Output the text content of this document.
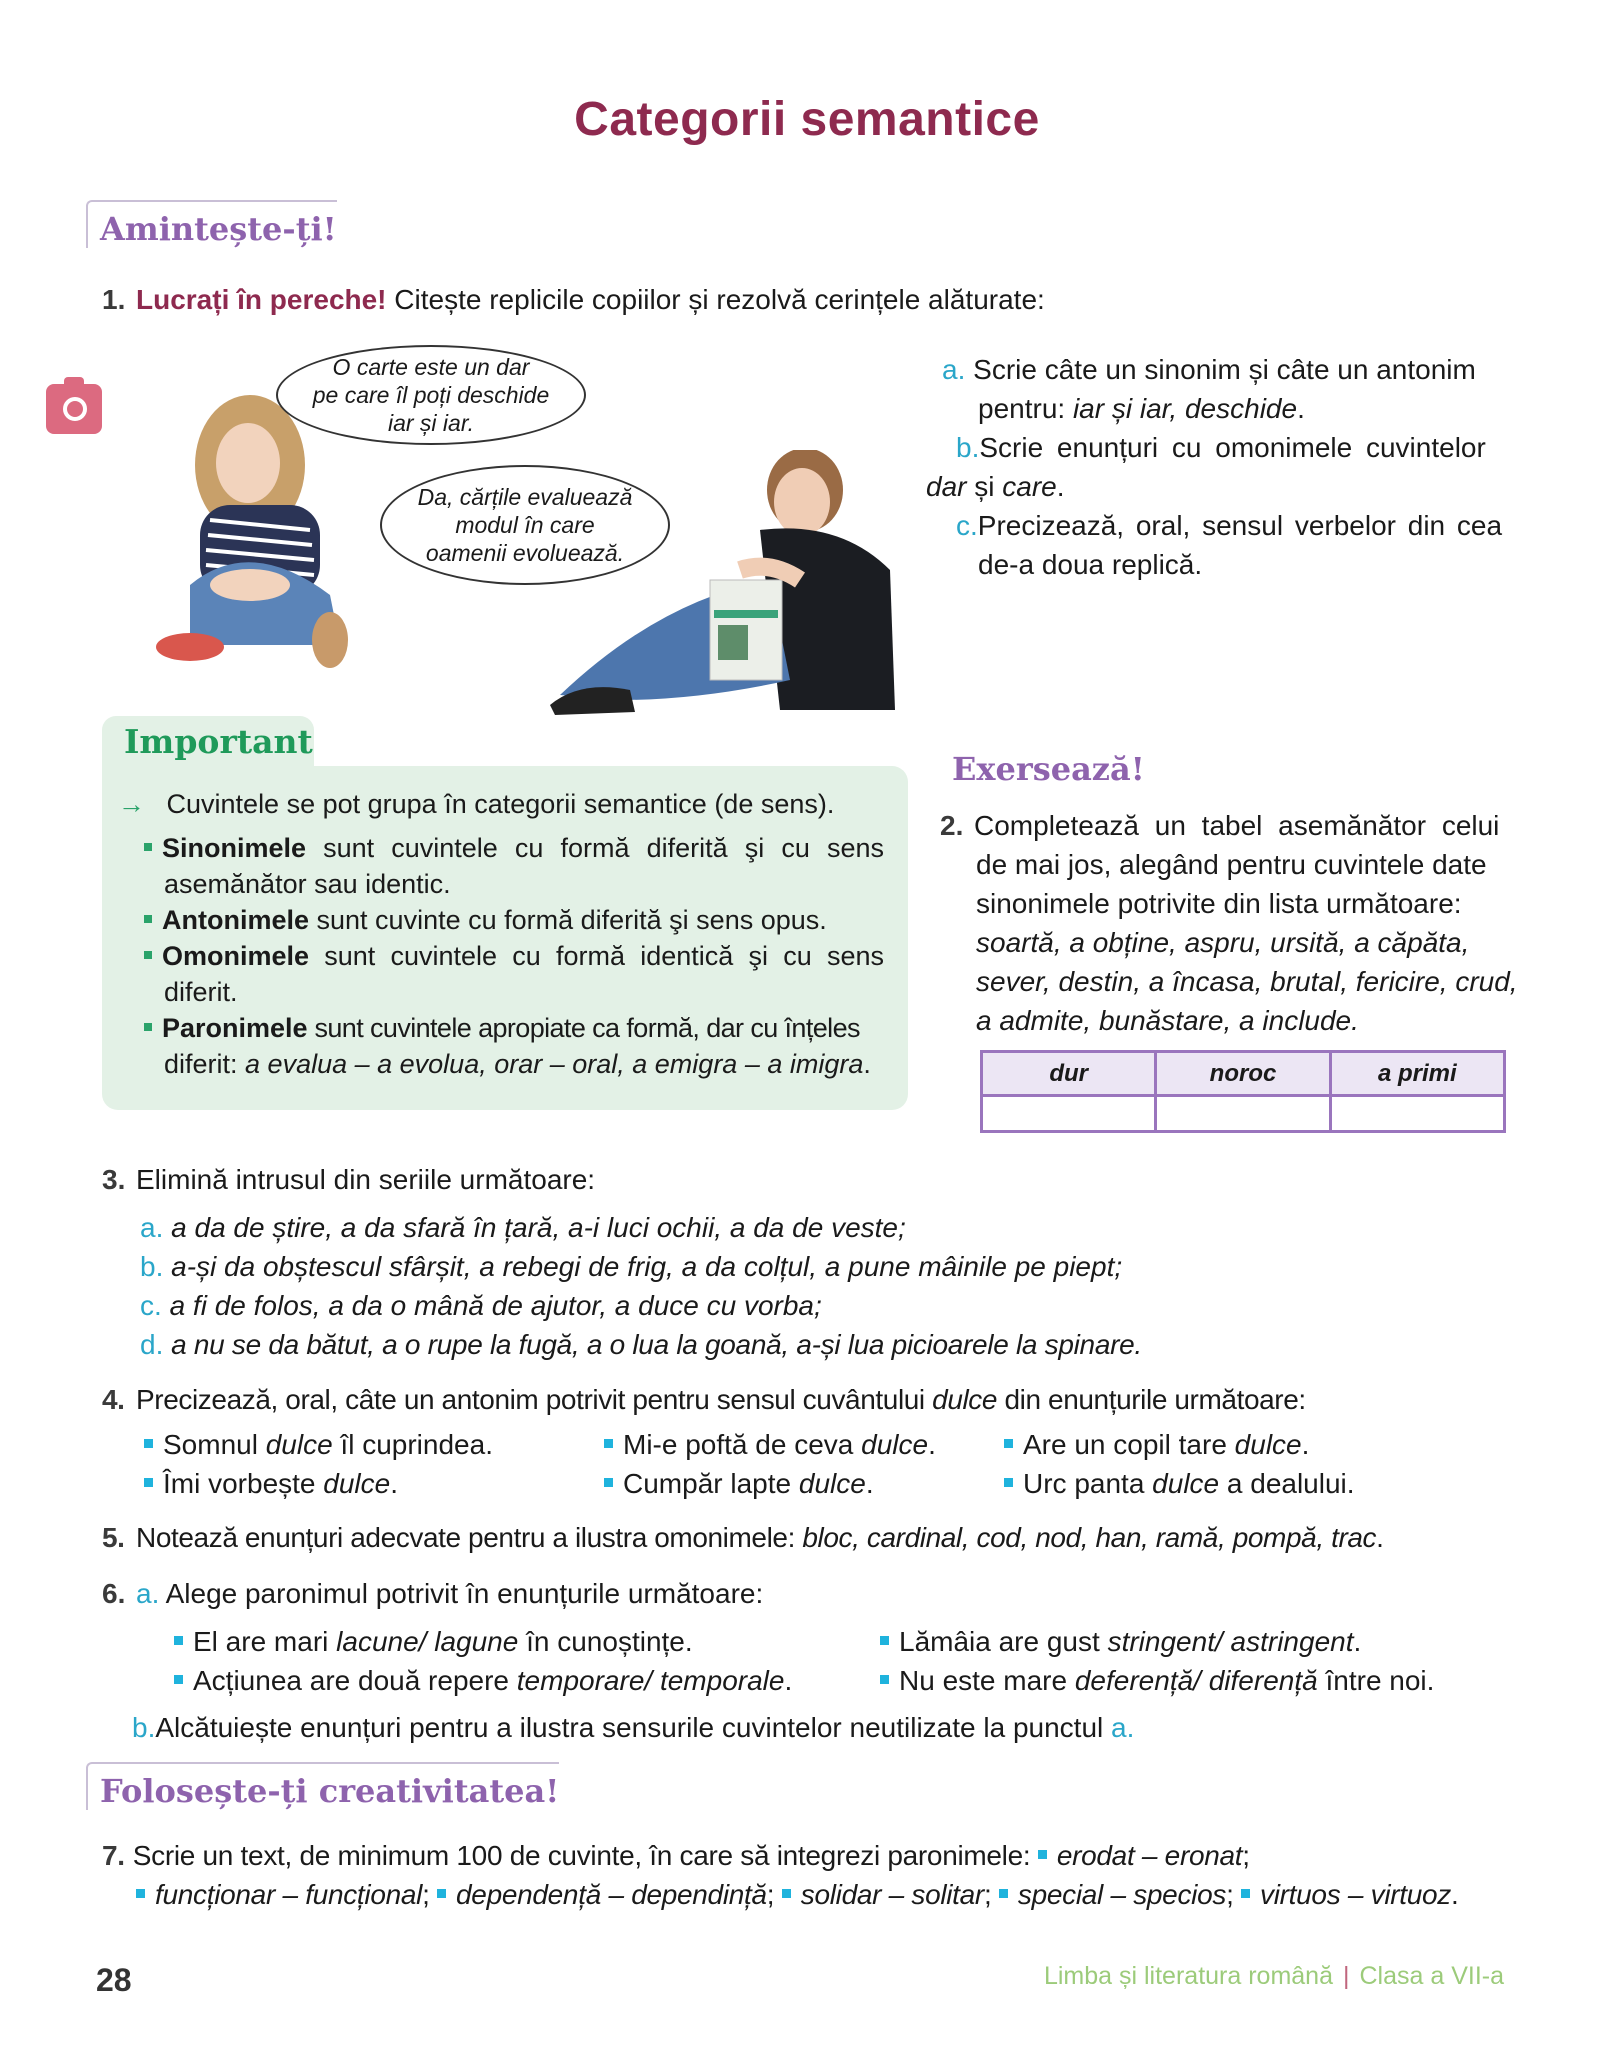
Categorii semantice
Amintește-ți!
1. Lucrați în pereche! Citește replicile copiilor și rezolvă cerințele alăturate:
O carte este un dar
pe care îl poți deschide
iar și iar.
Da, cărțile evaluează
modul în care
oamenii evoluează.
a. Scrie câte un sinonim și câte un antonim
pentru: iar și iar, deschide.
b.Scrie enunțuri cu omonimele cuvintelor
dar și care.
c.Precizează, oral, sensul verbelor din cea
de-a doua replică.
Important
→ Cuvintele se pot grupa în categorii semantice (de sens).
Sinonimele sunt cuvintele cu formă diferită şi cu sens
asemănător sau identic.
Antonimele sunt cuvinte cu formă diferită şi sens opus.
Omonimele sunt cuvintele cu formă identică şi cu sens
diferit.
Paronimele sunt cuvintele apropiate ca formă, dar cu înțeles
diferit: a evalua – a evolua, orar – oral, a emigra – a imigra.
Exersează!
2. Completează un tabel asemănător celui
de mai jos, alegând pentru cuvintele date
sinonimele potrivite din lista următoare:
soartă, a obține, aspru, ursită, a căpăta,
sever, destin, a încasa, brutal, fericire, crud,
a admite, bunăstare, a include.
dur	noroc	a primi

3. Elimină intrusul din seriile următoare:
a. a da de știre, a da sfară în țară, a-i luci ochii, a da de veste;
b. a-și da obștescul sfârșit, a rebegi de frig, a da colțul, a pune mâinile pe piept;
c. a fi de folos, a da o mână de ajutor, a duce cu vorba;
d. a nu se da bătut, a o rupe la fugă, a o lua la goană, a-și lua picioarele la spinare.
4. Precizează, oral, câte un antonim potrivit pentru sensul cuvântului dulce din enunțurile următoare:
Somnul dulce îl cuprindea.	Mi-e poftă de ceva dulce.	Are un copil tare dulce.
Îmi vorbește dulce.	Cumpăr lapte dulce.	Urc panta dulce a dealului.
5. Notează enunțuri adecvate pentru a ilustra omonimele: bloc, cardinal, cod, nod, han, ramă, pompă, trac.
6. a. Alege paronimul potrivit în enunțurile următoare:
El are mari lacune/ lagune în cunoștințe.	Lămâia are gust stringent/ astringent.
Acțiunea are două repere temporare/ temporale.	Nu este mare deferență/ diferență între noi.
b.Alcătuiește enunțuri pentru a ilustra sensurile cuvintelor neutilizate la punctul a.
Folosește-ți creativitatea!
7. Scrie un text, de minimum 100 de cuvinte, în care să integrezi paronimele: erodat – eronat;
funcționar – funcțional; dependență – dependință; solidar – solitar; special – specios; virtuos – virtuoz.
28	Limba și literatura română | Clasa a VII-a
